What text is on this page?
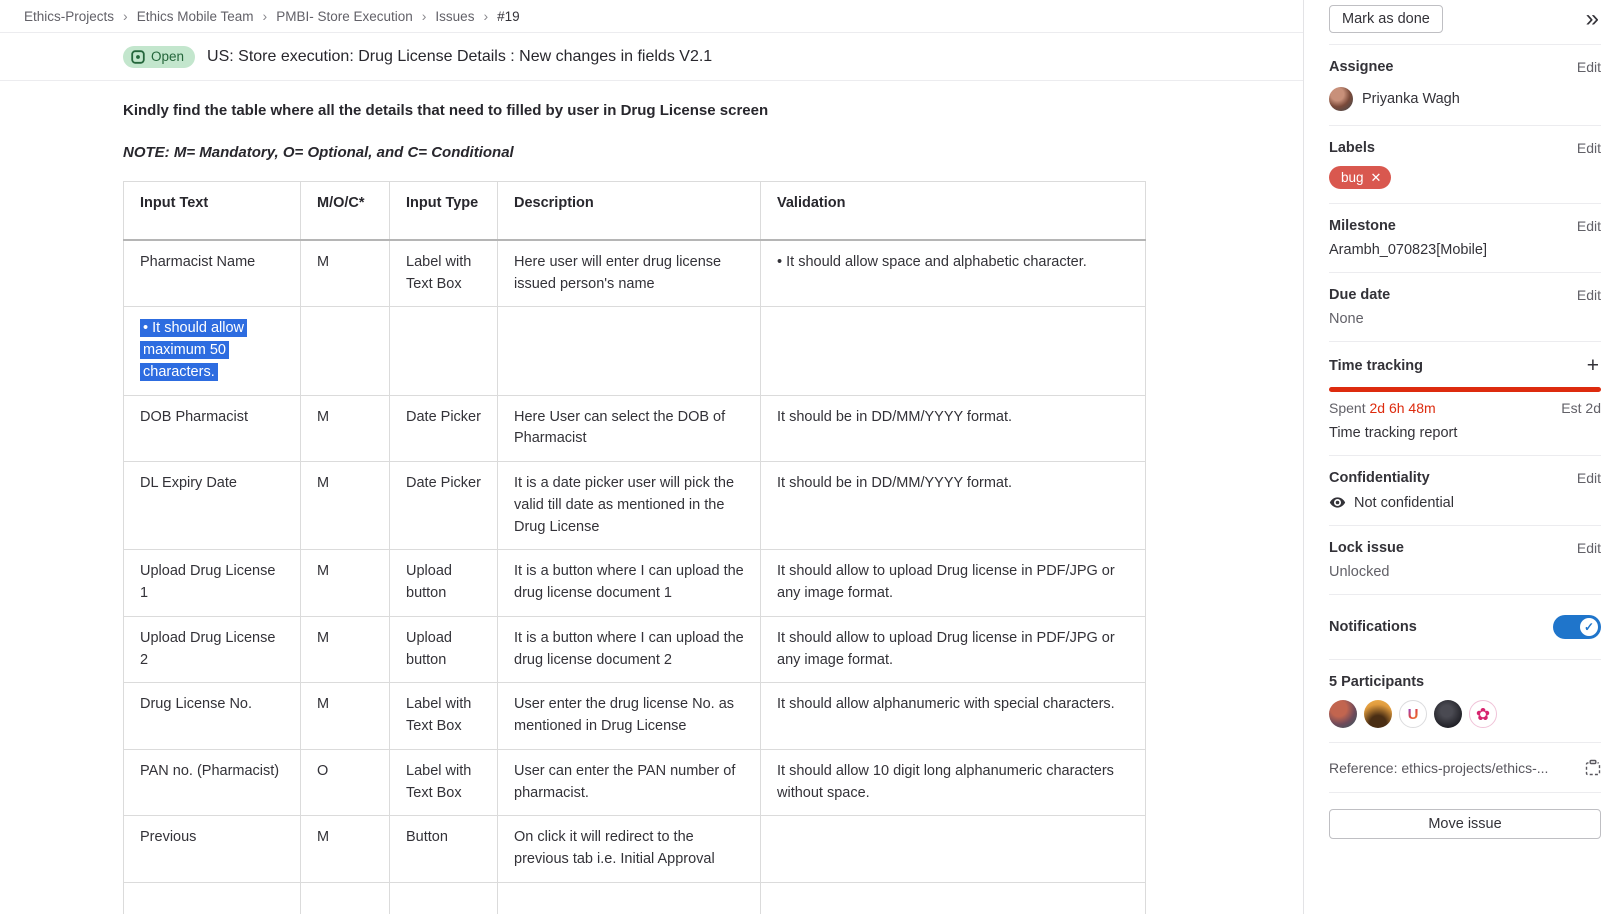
Ethics-Projects › Ethics Mobile Team › PMBI- Store Execution › Issues › #19
Open US: Store execution: Drug License Details : New changes in fields V2.1

Kindly find the table where all the details that need to filled by user in Drug License screen

NOTE: M= Mandatory, O= Optional, and C= Conditional

Input Text	M/O/C*	Input Type	Description	Validation
Pharmacist Name	M	Label with Text Box	Here user will enter drug license issued person's name	• It should allow space and alphabetic character.
• It should allow maximum 50 characters.				
DOB Pharmacist	M	Date Picker	Here User can select the DOB of Pharmacist	It should be in DD/MM/YYYY format.
DL Expiry Date	M	Date Picker	It is a date picker user will pick the valid till date as mentioned in the Drug License	It should be in DD/MM/YYYY format.
Upload Drug License 1	M	Upload button	It is a button where I can upload the drug license document 1	It should allow to upload Drug license in PDF/JPG or any image format.
Upload Drug License 2	M	Upload button	It is a button where I can upload the drug license document 2	It should allow to upload Drug license in PDF/JPG or any image format.
Drug License No.	M	Label with Text Box	User enter the drug license No. as mentioned in Drug License	It should allow alphanumeric with special characters.
PAN no. (Pharmacist)	O	Label with Text Box	User can enter the PAN number of pharmacist.	It should allow 10 digit long alphanumeric characters without space.
Previous	M	Button	On click it will redirect to the previous tab i.e. Initial Approval	

Mark as done	»
Assignee	Edit
Priyanka Wagh
Labels	Edit
bug ✕
Milestone	Edit
Arambh_070823[Mobile]
Due date	Edit
None
Time tracking	+
Spent 2d 6h 48m	Est 2d
Time tracking report
Confidentiality	Edit
Not confidential
Lock issue	Edit
Unlocked
Notifications	✓
5 Participants
U	✿
Reference: ethics-projects/ethics-...
Move issue
